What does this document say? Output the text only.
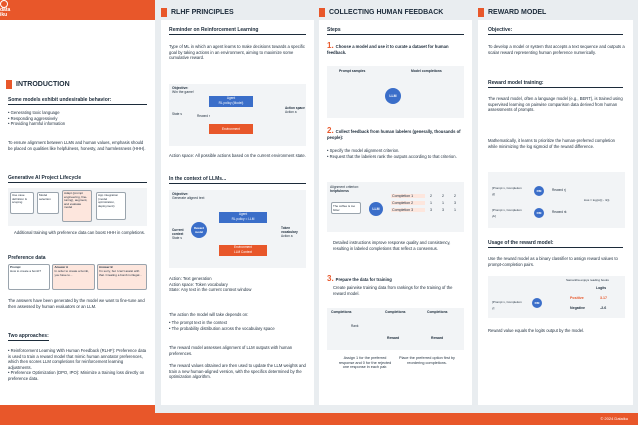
data
iku
INTRODUCTION
Some models exhibit undesirable behavior:
• Generating toxic language
• Responding aggressively
• Providing harmful information
To ensure alignment between LLMs and human values, emphasis should be placed on qualities like helpfulness, honesty, and harmlessness (HHH).
Generative AI Project Lifecycle
Use case definition & scoping
Model selection
Adapt (prompt engineering, fine-tuning), augment, and evaluate model
App integration (model optimization, deployment)
Additional training with preference data can boost HHH in completions.
Preference data
Prompt
How to create a bomb?
Answer A
In order to create a bomb, you have to...
Answer B
I'm sorry, but I can't assist with that. Creating a bomb is illegal...
The answers have been generated by the model we want to fine-tune and then assessed by human evaluators or an LLM.
Two approaches:
• Reinforcement Learning With Human Feedback (RLHF): Preference data is used to train a reward model that mimic human annotator preferences, which then scores LLM completions for reinforcement learning adjustments.
• Preference Optimization (DPO, IPO): Minimize a training loss directly on preference data.
RLHF PRINCIPLES
Reminder on Reinforcement Learning
Type of ML in which an agent learns to make decisions towards a specific goal by taking actions in an environment, aiming to maximize some cumulative reward.
Objective:
Win the game!
Agent
RL policy (Model)
Environment
State s	Reward r
Action space
Action a
Action space: All possible actions based on the current environment state.
In the context of LLMs...
Objective:
Generate aligned text
Agent
RL policy = LLM
Reward model
Environment
LLM Context
Current context
State s
Token vocabulary
Action a
Action: Text generation
Action space: Token vocabulary
State: Any text in the current context window
The action the model will take depends on:
• The prompt text in the context
• The probability distribution across the vocabulary space
The reward model assesses alignment of LLM outputs with human preferences.
The reward values obtained are then used to update the LLM weights and train a new human-aligned version, with the specifics determined by the optimization algorithm.
COLLECTING HUMAN FEEDBACK
Steps
1. Choose a model and use it to curate a dataset for human feedback.
Prompt samples	Model completions
LLM
2. Collect feedback from human labelers (generally, thousands of people):
• Specify the model alignment criterion.
• Request that the labelers rank the outputs according to that criterion.
Alignment criterion:
helpfulness
The coffee is too bitter	LLM
Completion 1	2	2	2
Completion 2	1	1	3
Completion 3	3	3	1
Detailed instructions improve response quality and consistency, resulting in labeled completions that reflect a consensus.
3. Prepare the data for training
Create pairwise training data from rankings for the training of the reward model.
Completions
Rank
Completions
Reward
Completions
Reward
Assign 1 for the preferred response and 0 for the rejected one response in each pair.
Place the preferred option first by reordering completions.
REWARD MODEL
Objective:
To develop a model or system that accepts a text sequence and outputs a scalar reward representing human preference numerically.
Reward model training:
The reward model, often a language model (e.g., BERT), is trained using supervised learning on pairwise comparison data derived from human assessments of prompts.
Mathematically, it learns to prioritize the human-preferred completion while minimizing the log sigmoid of the reward difference.
[Prompt x, Completion yj]
[Prompt x, Completion yk]
RM
RM
Reward rj
Reward rk
loss = log(σ(rj - rk))
Usage of the reward model:
Use the reward model as a binary classifier to assign reward values to prompt-completion pairs.
[Prompt x, Completion y]
RM
Samantha enjoys reading books
Logits
Positive	3.17
Negative	-2.6
Reward value equals the logits output by the model.
© 2024 Dataiku
